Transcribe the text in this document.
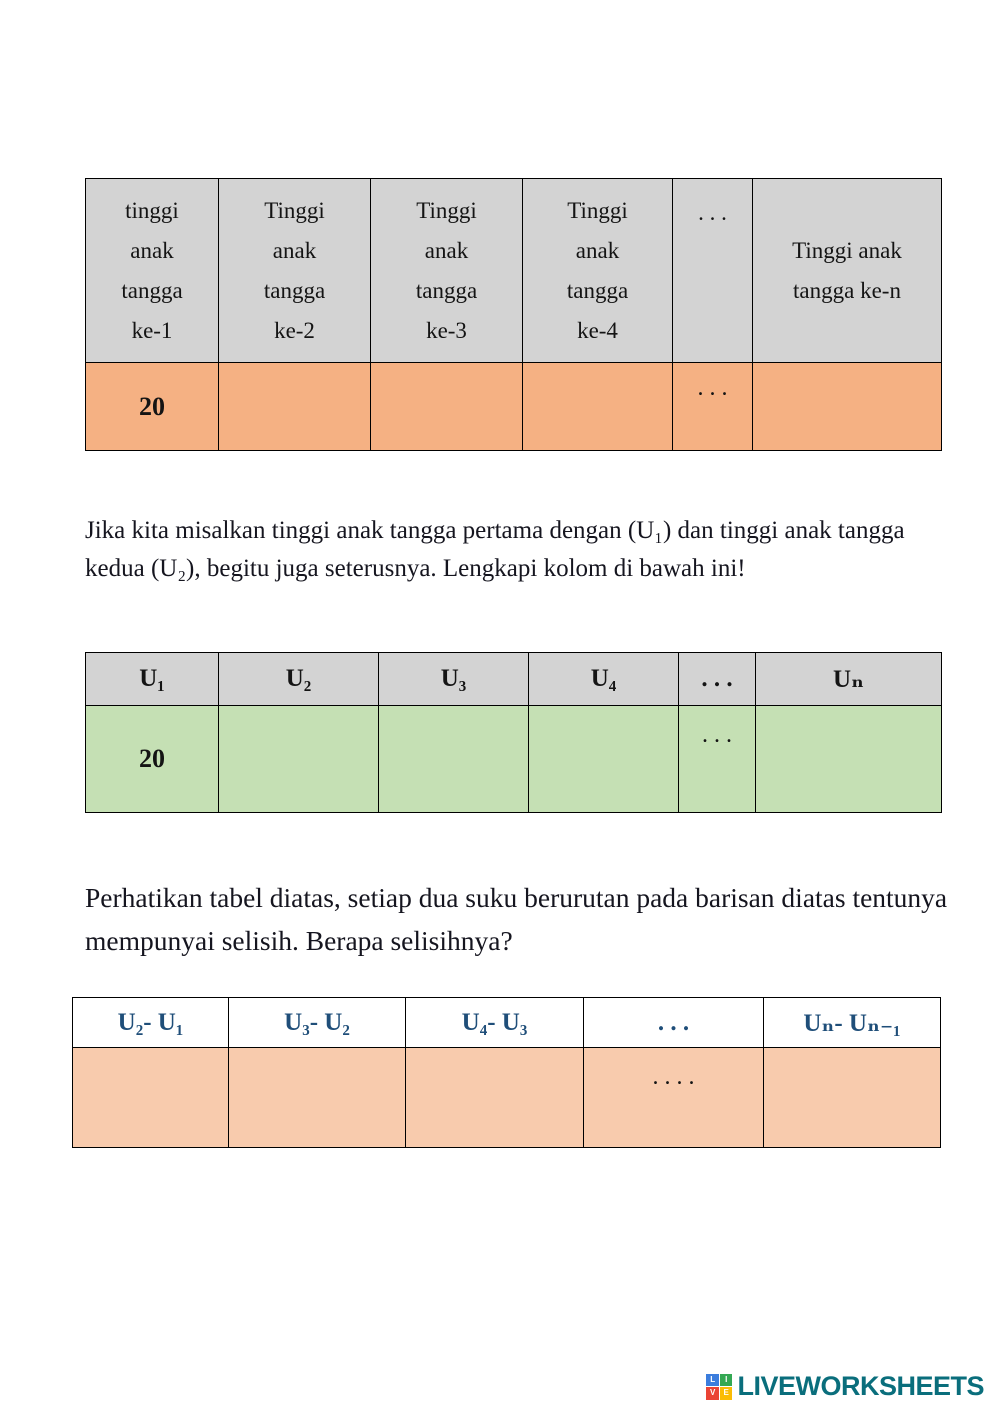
tinggi anak tangga ke-1	Tinggi anak tangga ke-2	Tinggi anak tangga ke-3	Tinggi anak tangga ke-4	. . .	Tinggi anak tangga ke-n
20				. . .	

Jika kita misalkan tinggi anak tangga pertama dengan (U₁) dan tinggi anak tangga kedua (U₂), begitu juga seterusnya. Lengkapi kolom di bawah ini!

U₁	U₂	U₃	U₄	. . .	Uₙ
20				. . .	

Perhatikan tabel diatas, setiap dua suku berurutan pada barisan diatas tentunya mempunyai selisih. Berapa selisihnya?

U₂- U₁	U₃- U₂	U₄- U₃	. . .	Uₙ- Uₙ₋₁
			. . . .	
L	I
V	E LIVEWORKSHEETS
